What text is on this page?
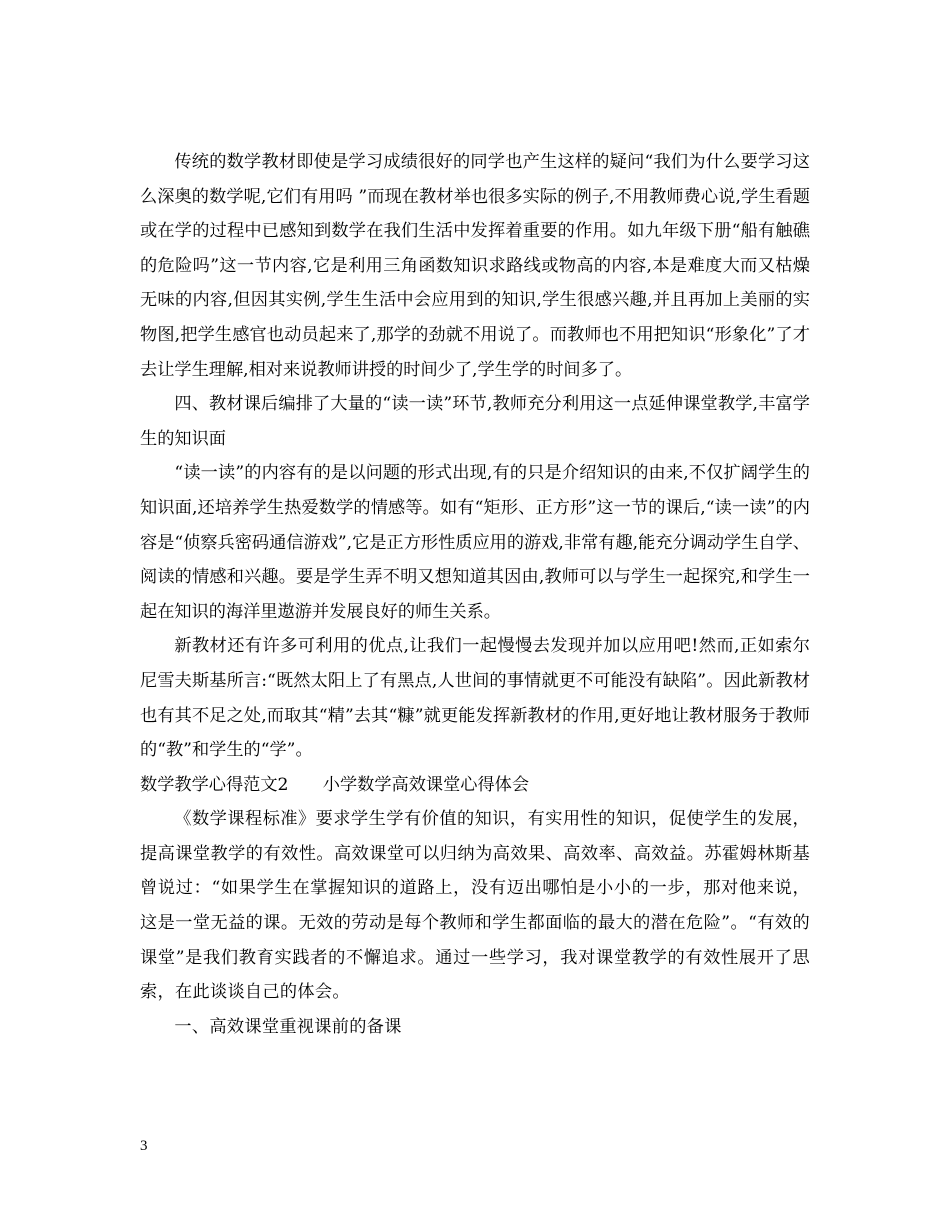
传统的数学教材即使是学习成绩很好的同学也产生这样的疑问“我们为什么要学习这么深奥的数学呢,它们有用吗 ”而现在教材举也很多实际的例子,不用教师费心说,学生看题或在学的过程中已感知到数学在我们生活中发挥着重要的作用。如九年级下册“船有触礁的危险吗”这一节内容,它是利用三角函数知识求路线或物高的内容,本是难度大而又枯燥无味的内容,但因其实例,学生生活中会应用到的知识,学生很感兴趣,并且再加上美丽的实物图,把学生感官也动员起来了,那学的劲就不用说了。而教师也不用把知识“形象化”了才去让学生理解,相对来说教师讲授的时间少了,学生学的时间多了。

四、教材课后编排了大量的“读一读”环节,教师充分利用这一点延伸课堂教学,丰富学生的知识面

“读一读”的内容有的是以问题的形式出现,有的只是介绍知识的由来,不仅扩阔学生的知识面,还培养学生热爱数学的情感等。如有“矩形、正方形”这一节的课后,“读一读”的内容是“侦察兵密码通信游戏”,它是正方形性质应用的游戏,非常有趣,能充分调动学生自学、阅读的情感和兴趣。要是学生弄不明又想知道其因由,教师可以与学生一起探究,和学生一起在知识的海洋里遨游并发展良好的师生关系。

新教材还有许多可利用的优点,让我们一起慢慢去发现并加以应用吧!然而,正如索尔尼雪夫斯基所言:“既然太阳上了有黑点,人世间的事情就更不可能没有缺陷”。因此新教材也有其不足之处,而取其“精”去其“糠”就更能发挥新教材的作用,更好地让教材服务于教师的“教”和学生的“学”。

数学教学心得范文2　　小学数学高效课堂心得体会

《数学课程标准》要求学生学有价值的知识，有实用性的知识，促使学生的发展，提高课堂教学的有效性。高效课堂可以归纳为高效果、高效率、高效益。苏霍姆林斯基曾说过：“如果学生在掌握知识的道路上，没有迈出哪怕是小小的一步，那对他来说，这是一堂无益的课。无效的劳动是每个教师和学生都面临的最大的潜在危险”。“有效的课堂”是我们教育实践者的不懈追求。通过一些学习，我对课堂教学的有效性展开了思索，在此谈谈自己的体会。

一、高效课堂重视课前的备课

3
